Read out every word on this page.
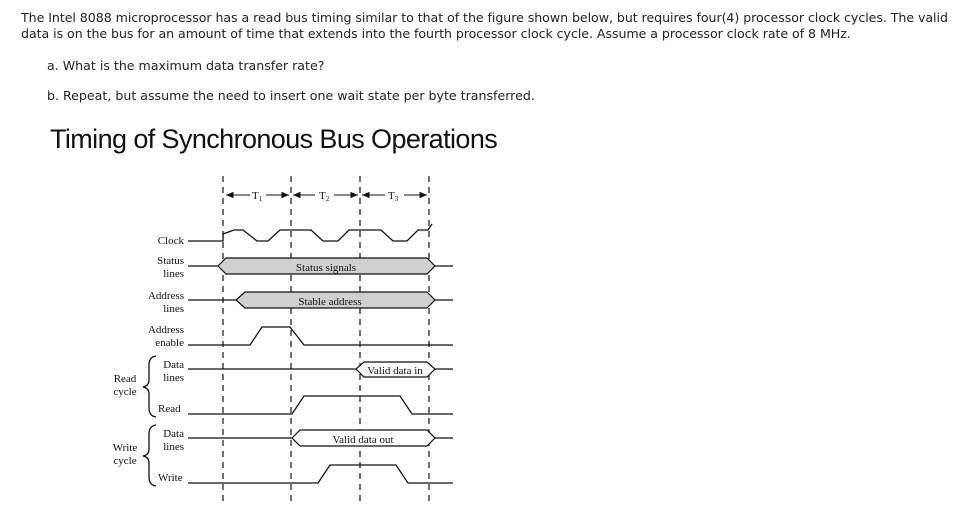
The Intel 8088 microprocessor has a read bus timing similar to that of the figure shown below, but requires four(4) processor clock cycles. The valid data is on the bus for an amount of time that extends into the fourth processor clock cycle. Assume a processor clock rate of 8 MHz.
a. What is the maximum data transfer rate?
b. Repeat, but assume the need to insert one wait state per byte transferred.
Timing of Synchronous Bus Operations
T1	T2	T3
Clock
Status
lines
Address
lines
Address
enable
Data
lines
Read
Data
lines
Write
Read
cycle
Write
cycle
Status signals
Stable address
Valid data in
Valid data out
